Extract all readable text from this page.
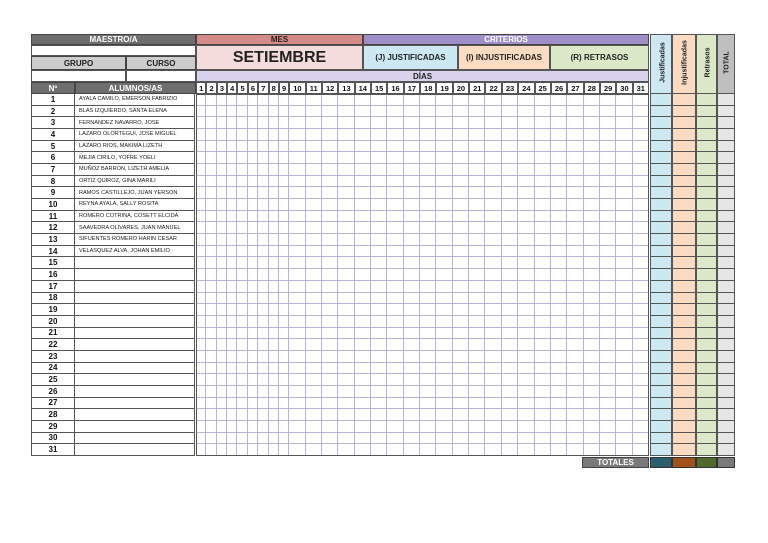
MAESTRO/A	MES
SETIEMBRE
CRITERIOS
(J) JUSTIFICADAS	(I) INJUSTIFICADAS	(R) RETRASOS
GRUPO	CURSO
DÍAS
Nº	ALUMNOS/AS	1 2 3 4 5 6 7 8 9 10	11	12	13	14	15	16	17	18	19	20	21	22	23	24	25	26	27	28	29	30	31
Justificadas Injustificadas Retrasos TOTAL
1	AYALA CAMILO, EMERSON FABRIZIO
2	BLAS IZQUIERDO, SANTA ELENA
3	FERNANDEZ NAVARRO, JOSE
4	LAZARO OLORTEGUI, JOSE MIGUEL
5	LAZARO RIOS, MAKIMA LIZETH
6	MEJIA CIRILO, YOFRE YOELI
7	MUÑOZ BARRON, LIZETH AMELIA
8	ORTIZ QUIROZ, GINA MARILI
9	RAMOS CASTILLEJO, JUAN YERSON
10	REYNA AYALA, SALLY ROSITA
11	ROMERO COTRINA, COSETT ELCIDA
12	SAAVEDRA OLIVARES, JUAN MANUEL
13	SIFUENTES ROMERO HARIN CESAR
14	VELASQUEZ ALVA, JOHAN EMILIO
15
16
17
18
19
20
21
22
23
24
25
26
27
28
29
30
31
TOTALES
